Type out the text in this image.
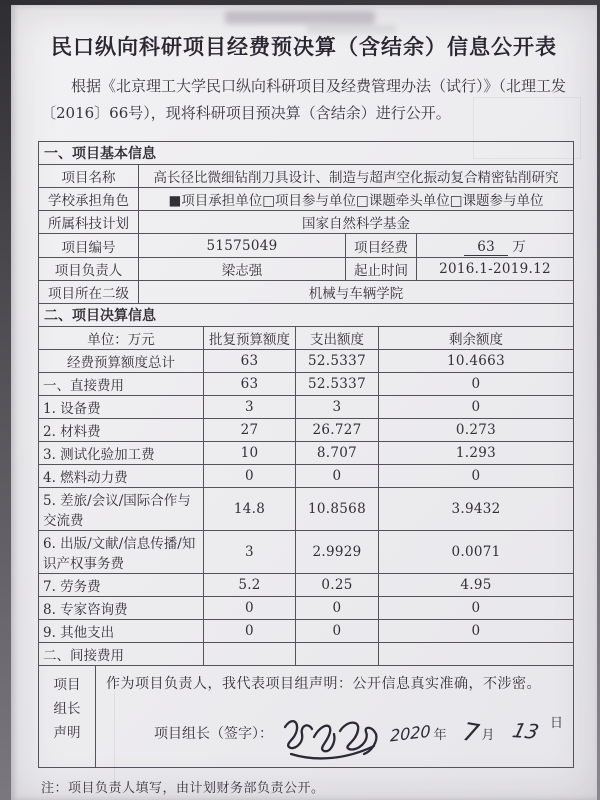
民口纵向科研项目经费预决算（含结余）信息公开表

根据《北京理工大学民口纵向科研项目及经费管理办法（试行）》（北理工发〔2016〕66号），现将科研项目预决算（含结余）进行公开。

一、项目基本信息			
项目名称	高长径比微细钻削刀具设计、制造与超声空化振动复合精密钻削研究		
学校承担角色	■项目承担单位□项目参与单位□课题牵头单位□课题参与单位		
所属科技计划	国家自然科学基金		
项目编号	51575049	项目经费	63 万
项目负责人	梁志强	起止时间	2016.1-2019.12
项目所在二级	机械与车辆学院		
二、项目决算信息			
单位：万元	批复预算额度	支出额度	剩余额度
经费预算额度总计	63	52.5337	10.4663
一、直接费用	63	52.5337	0
1. 设备费	3	3	0
2. 材料费	27	26.727	0.273
3. 测试化验加工费	10	8.707	1.293
4. 燃料动力费	0	0	0
5. 差旅/会议/国际合作与交流费	14.8	10.8568	3.9432
6. 出版/文献/信息传播/知识产权事务费	3	2.9929	0.0071
7. 劳务费	5.2	0.25	4.95
8. 专家咨询费	0	0	0
9. 其他支出	0	0	0
二、间接费用			
项目
组长
声明

作为项目负责人，我代表项目组声明：公开信息真实准确，不涉密。
项目组长（签字）：	2020 年 7 月 13 日
注：项目负责人填写，由计划财务部负责公开。
